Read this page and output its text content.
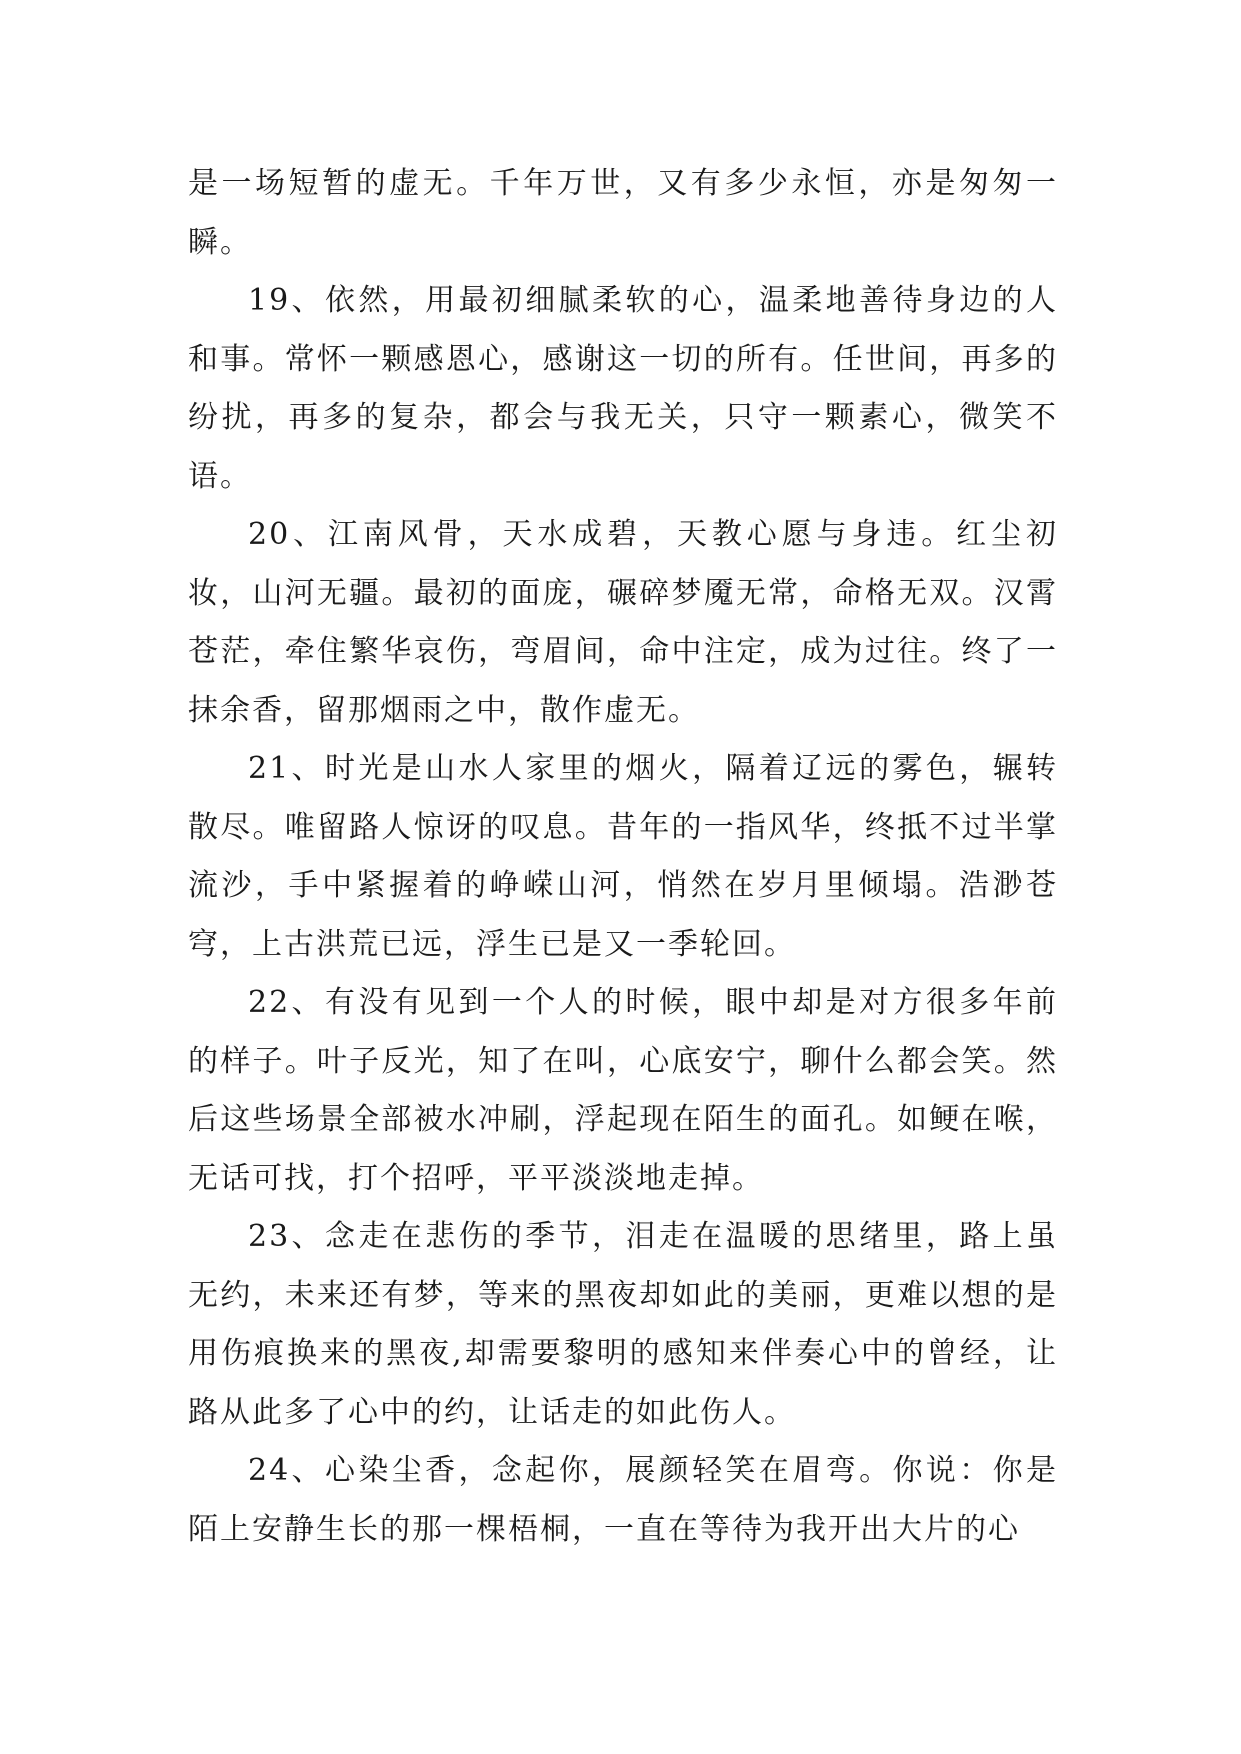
是一场短暂的虚无。千年万世，又有多少永恒，亦是匆匆一瞬。

19、依然，用最初细腻柔软的心，温柔地善待身边的人和事。常怀一颗感恩心，感谢这一切的所有。任世间，再多的纷扰，再多的复杂，都会与我无关，只守一颗素心，微笑不语。

20、江南风骨，天水成碧，天教心愿与身违。红尘初妆，山河无疆。最初的面庞，碾碎梦魇无常，命格无双。汉霄苍茫，牵住繁华哀伤，弯眉间，命中注定，成为过往。终了一抹余香，留那烟雨之中，散作虚无。

21、时光是山水人家里的烟火，隔着辽远的雾色，辗转散尽。唯留路人惊讶的叹息。昔年的一指风华，终抵不过半掌流沙，手中紧握着的峥嵘山河，悄然在岁月里倾塌。浩渺苍穹，上古洪荒已远，浮生已是又一季轮回。

22、有没有见到一个人的时候，眼中却是对方很多年前的样子。叶子反光，知了在叫，心底安宁，聊什么都会笑。然后这些场景全部被水冲刷，浮起现在陌生的面孔。如鲠在喉，无话可找，打个招呼，平平淡淡地走掉。

23、念走在悲伤的季节，泪走在温暖的思绪里，路上虽无约，未来还有梦，等来的黑夜却如此的美丽，更难以想的是用伤痕换来的黑夜,却需要黎明的感知来伴奏心中的曾经，让路从此多了心中的约，让话走的如此伤人。

24、心染尘香，念起你，展颜轻笑在眉弯。你说：你是陌上安静生长的那一棵梧桐，一直在等待为我开出大片的心
